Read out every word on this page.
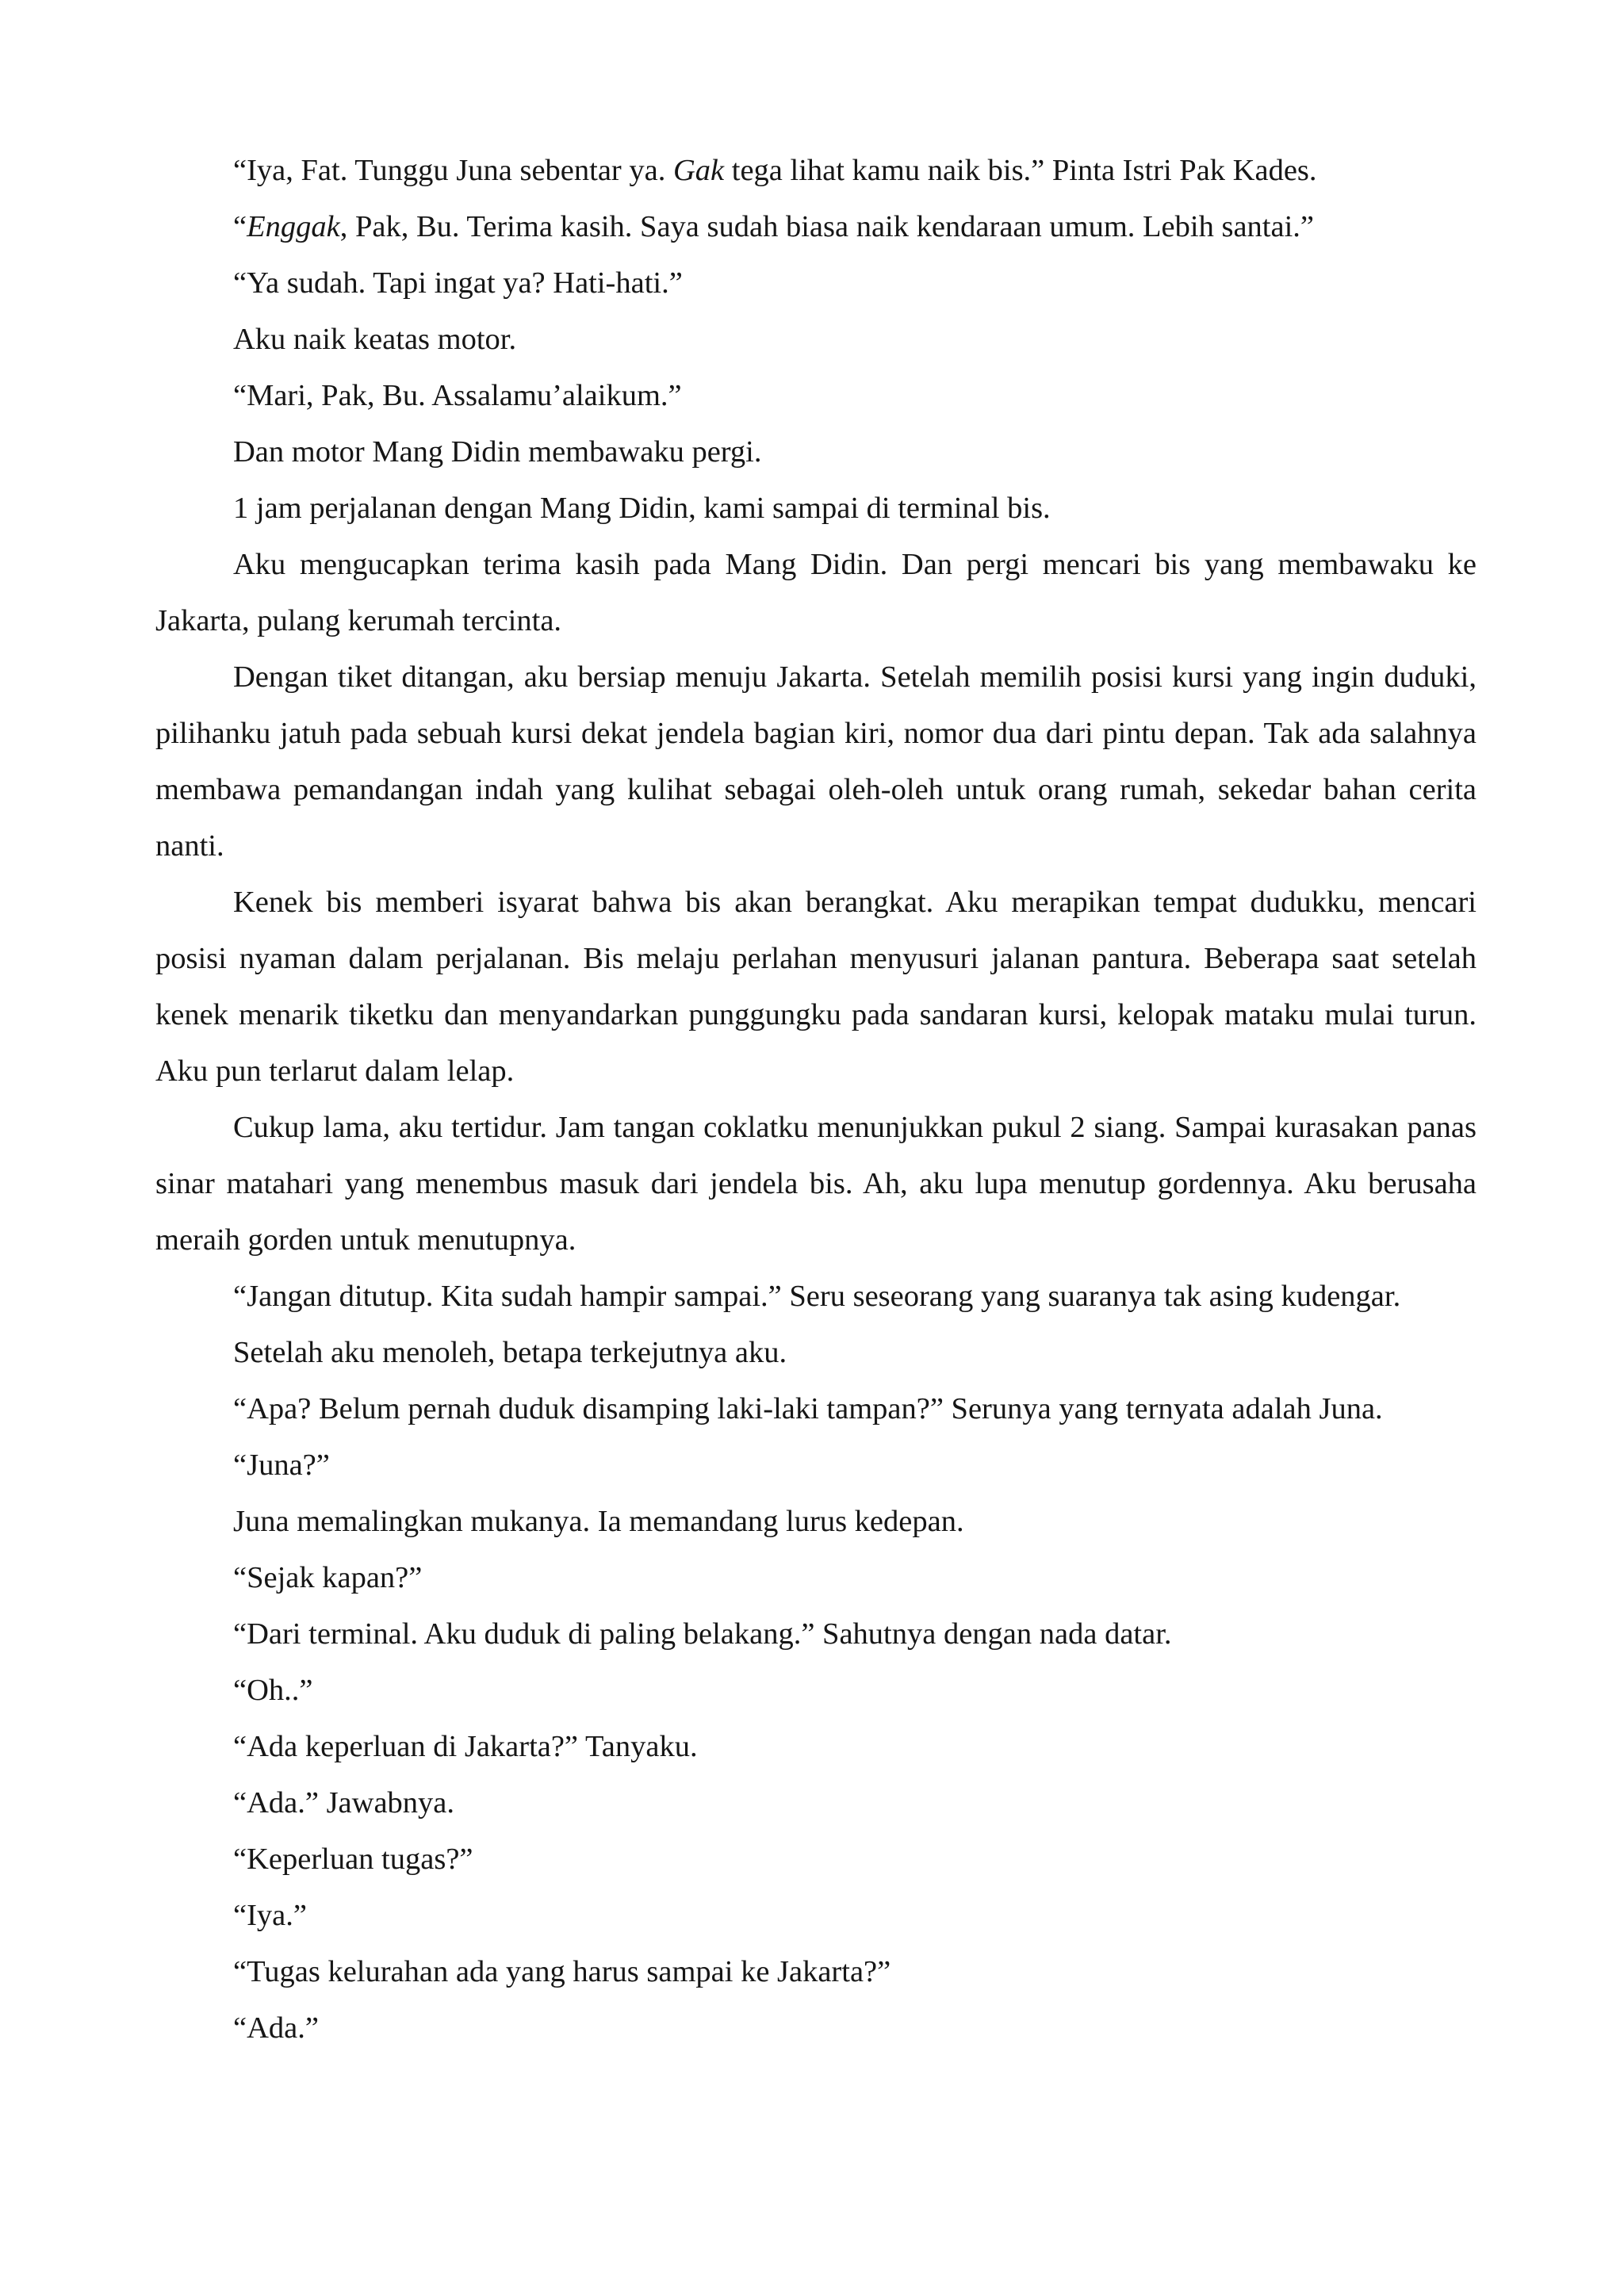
“Iya, Fat. Tunggu Juna sebentar ya. Gak tega lihat kamu naik bis.” Pinta Istri Pak Kades.

“Enggak, Pak, Bu. Terima kasih. Saya sudah biasa naik kendaraan umum. Lebih santai.”

“Ya sudah. Tapi ingat ya? Hati-hati.”

Aku naik keatas motor.

“Mari, Pak, Bu. Assalamu’alaikum.”

Dan motor Mang Didin membawaku pergi.

1 jam perjalanan dengan Mang Didin, kami sampai di terminal bis.

Aku mengucapkan terima kasih pada Mang Didin. Dan pergi mencari bis yang membawaku ke Jakarta, pulang kerumah tercinta.

Dengan tiket ditangan, aku bersiap menuju Jakarta. Setelah memilih posisi kursi yang ingin duduki, pilihanku jatuh pada sebuah kursi dekat jendela bagian kiri, nomor dua dari pintu depan. Tak ada salahnya membawa pemandangan indah yang kulihat sebagai oleh-oleh untuk orang rumah, sekedar bahan cerita nanti.

Kenek bis memberi isyarat bahwa bis akan berangkat. Aku merapikan tempat dudukku, mencari posisi nyaman dalam perjalanan. Bis melaju perlahan menyusuri jalanan pantura. Beberapa saat setelah kenek menarik tiketku dan menyandarkan punggungku pada sandaran kursi, kelopak mataku mulai turun. Aku pun terlarut dalam lelap.

Cukup lama, aku tertidur. Jam tangan coklatku menunjukkan pukul 2 siang. Sampai kurasakan panas sinar matahari yang menembus masuk dari jendela bis. Ah, aku lupa menutup gordennya. Aku berusaha meraih gorden untuk menutupnya.

“Jangan ditutup. Kita sudah hampir sampai.” Seru seseorang yang suaranya tak asing kudengar.

Setelah aku menoleh, betapa terkejutnya aku.

“Apa? Belum pernah duduk disamping laki-laki tampan?” Serunya yang ternyata adalah Juna.

“Juna?”

Juna memalingkan mukanya. Ia memandang lurus kedepan.

“Sejak kapan?”

“Dari terminal. Aku duduk di paling belakang.” Sahutnya dengan nada datar.

“Oh..”

“Ada keperluan di Jakarta?” Tanyaku.

“Ada.” Jawabnya.

“Keperluan tugas?”

“Iya.”

“Tugas kelurahan ada yang harus sampai ke Jakarta?”

“Ada.”
